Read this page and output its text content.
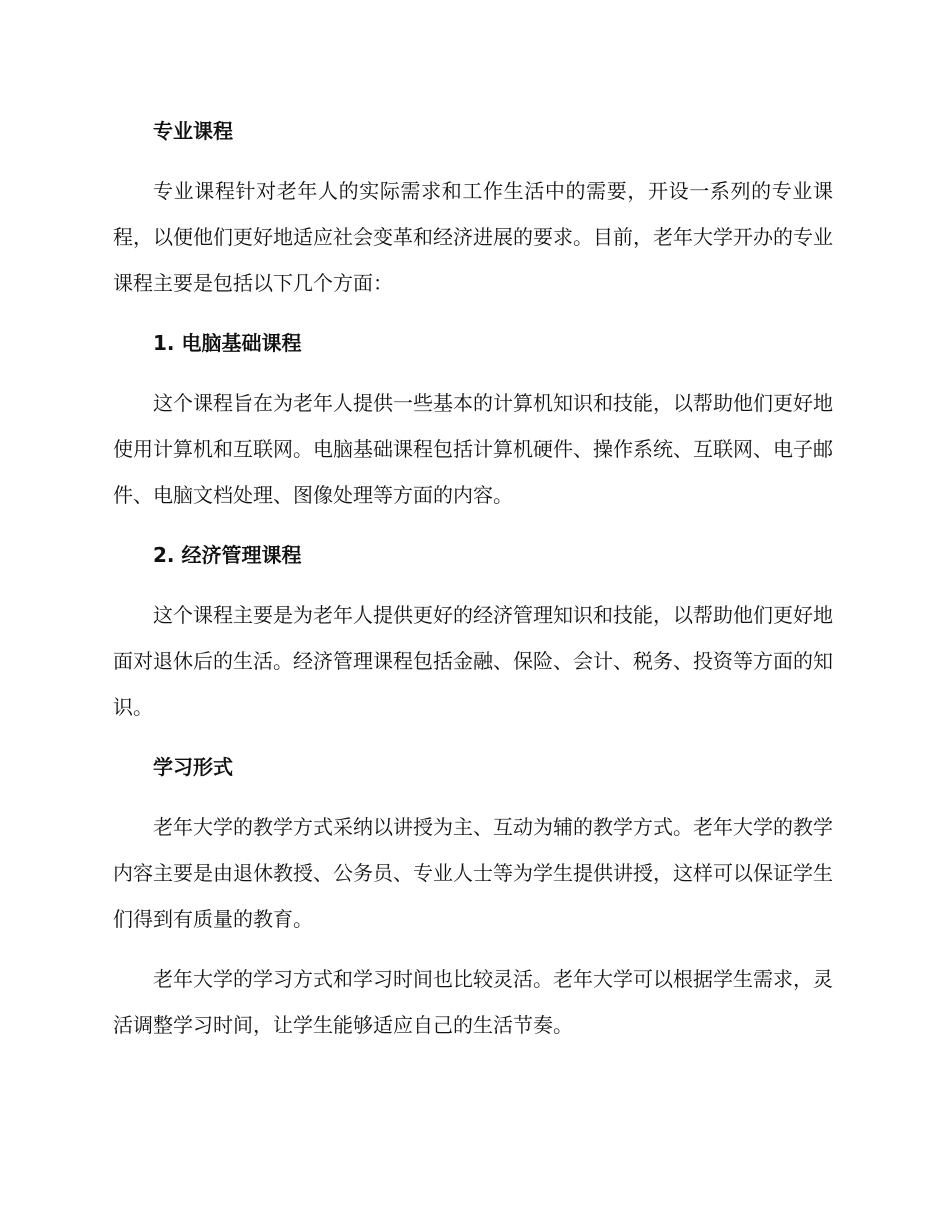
专业课程

专业课程针对老年人的实际需求和工作生活中的需要，开设一系列的专业课程，以便他们更好地适应社会变革和经济进展的要求。目前，老年大学开办的专业课程主要是包括以下几个方面：

1. 电脑基础课程

这个课程旨在为老年人提供一些基本的计算机知识和技能，以帮助他们更好地使用计算机和互联网。电脑基础课程包括计算机硬件、操作系统、互联网、电子邮件、电脑文档处理、图像处理等方面的内容。

2. 经济管理课程

这个课程主要是为老年人提供更好的经济管理知识和技能，以帮助他们更好地面对退休后的生活。经济管理课程包括金融、保险、会计、税务、投资等方面的知识。

学习形式

老年大学的教学方式采纳以讲授为主、互动为辅的教学方式。老年大学的教学内容主要是由退休教授、公务员、专业人士等为学生提供讲授，这样可以保证学生们得到有质量的教育。

老年大学的学习方式和学习时间也比较灵活。老年大学可以根据学生需求，灵活调整学习时间，让学生能够适应自己的生活节奏。
